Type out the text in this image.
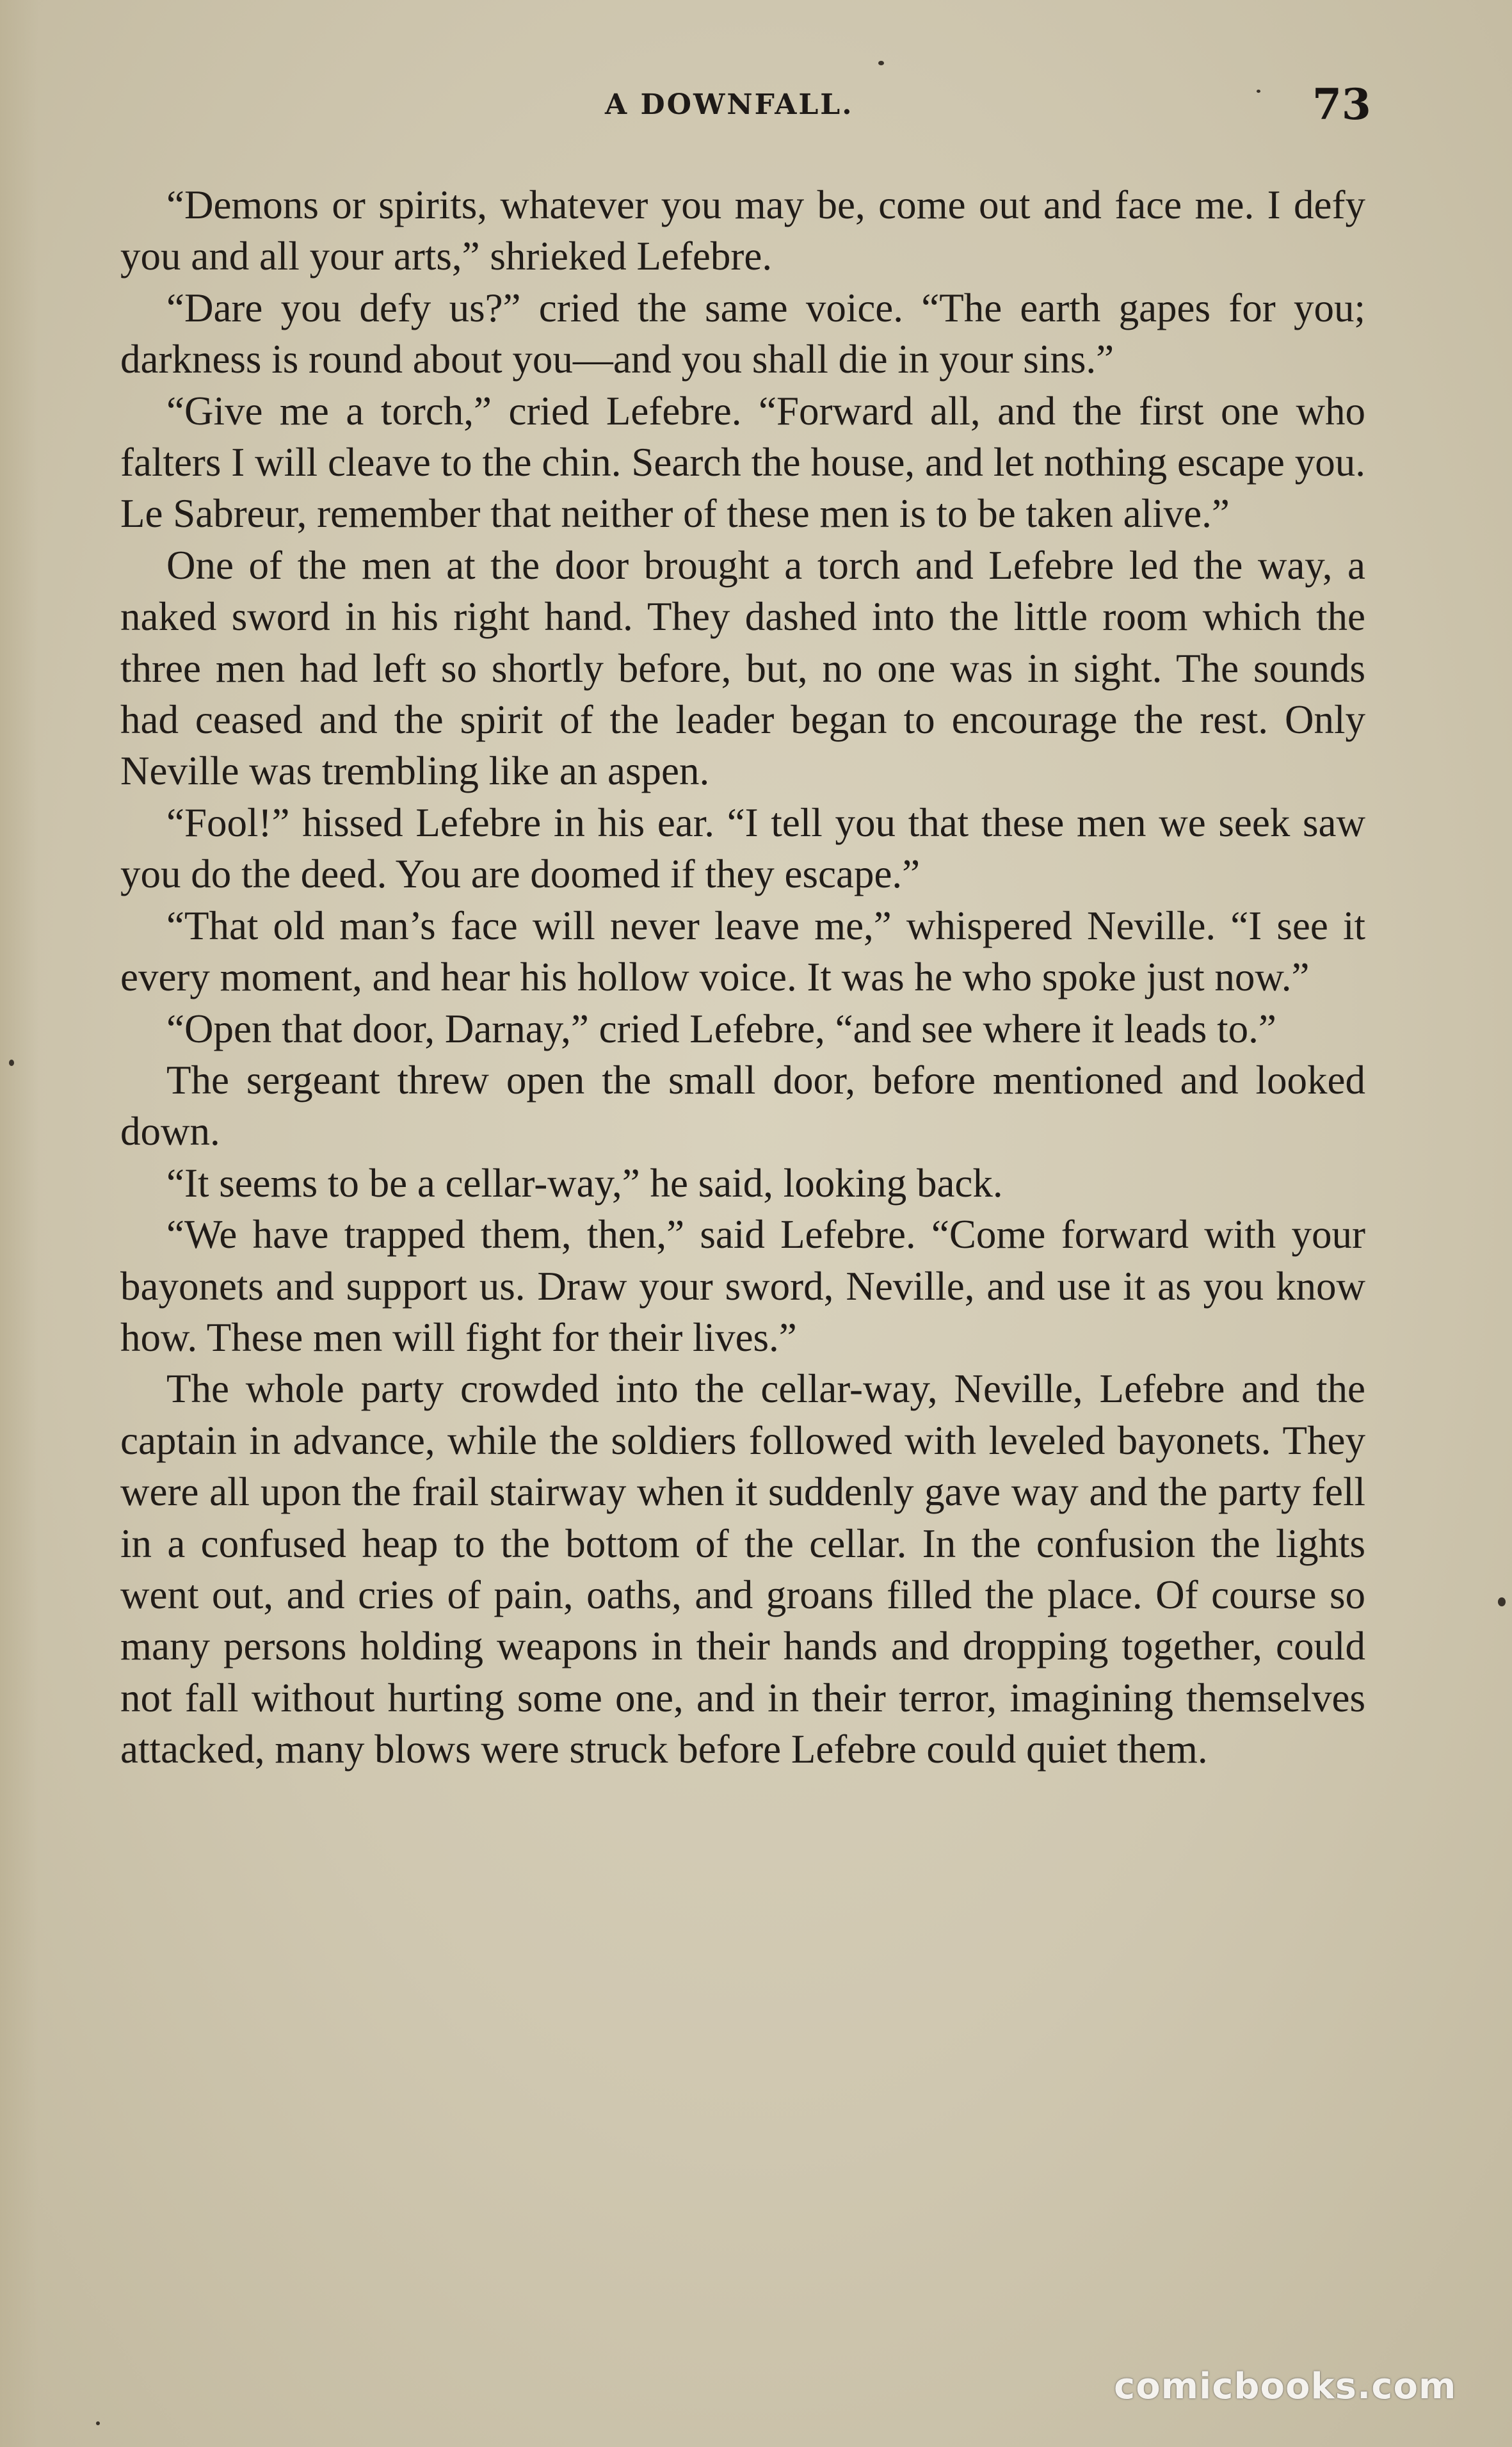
A DOWNFALL.	73

“Demons or spirits, whatever you may be, come out and face me. I defy you and all your arts,” shrieked Lefebre.

“Dare you defy us?” cried the same voice. “The earth gapes for you; darkness is round about you—and you shall die in your sins.”

“Give me a torch,” cried Lefebre. “Forward all, and the first one who falters I will cleave to the chin. Search the house, and let nothing escape you. Le Sabreur, remember that neither of these men is to be taken alive.”

One of the men at the door brought a torch and Lefebre led the way, a naked sword in his right hand. They dashed into the little room which the three men had left so shortly before, but, no one was in sight. The sounds had ceased and the spirit of the leader began to encourage the rest. Only Neville was trembling like an aspen.

“Fool!” hissed Lefebre in his ear. “I tell you that these men we seek saw you do the deed. You are doomed if they escape.”

“That old man’s face will never leave me,” whispered Neville. “I see it every moment, and hear his hollow voice. It was he who spoke just now.”

“Open that door, Darnay,” cried Lefebre, “and see where it leads to.”

The sergeant threw open the small door, before mentioned and looked down.

“It seems to be a cellar-way,” he said, looking back.

“We have trapped them, then,” said Lefebre. “Come forward with your bayonets and support us. Draw your sword, Neville, and use it as you know how. These men will fight for their lives.”

The whole party crowded into the cellar-way, Neville, Lefebre and the captain in advance, while the soldiers followed with leveled bayonets. They were all upon the frail stairway when it suddenly gave way and the party fell in a confused heap to the bottom of the cellar. In the confusion the lights went out, and cries of pain, oaths, and groans filled the place. Of course so many persons holding weapons in their hands and dropping together, could not fall without hurting some one, and in their terror, imagining themselves attacked, many blows were struck before Lefebre could quiet them.

comicbooks.com
